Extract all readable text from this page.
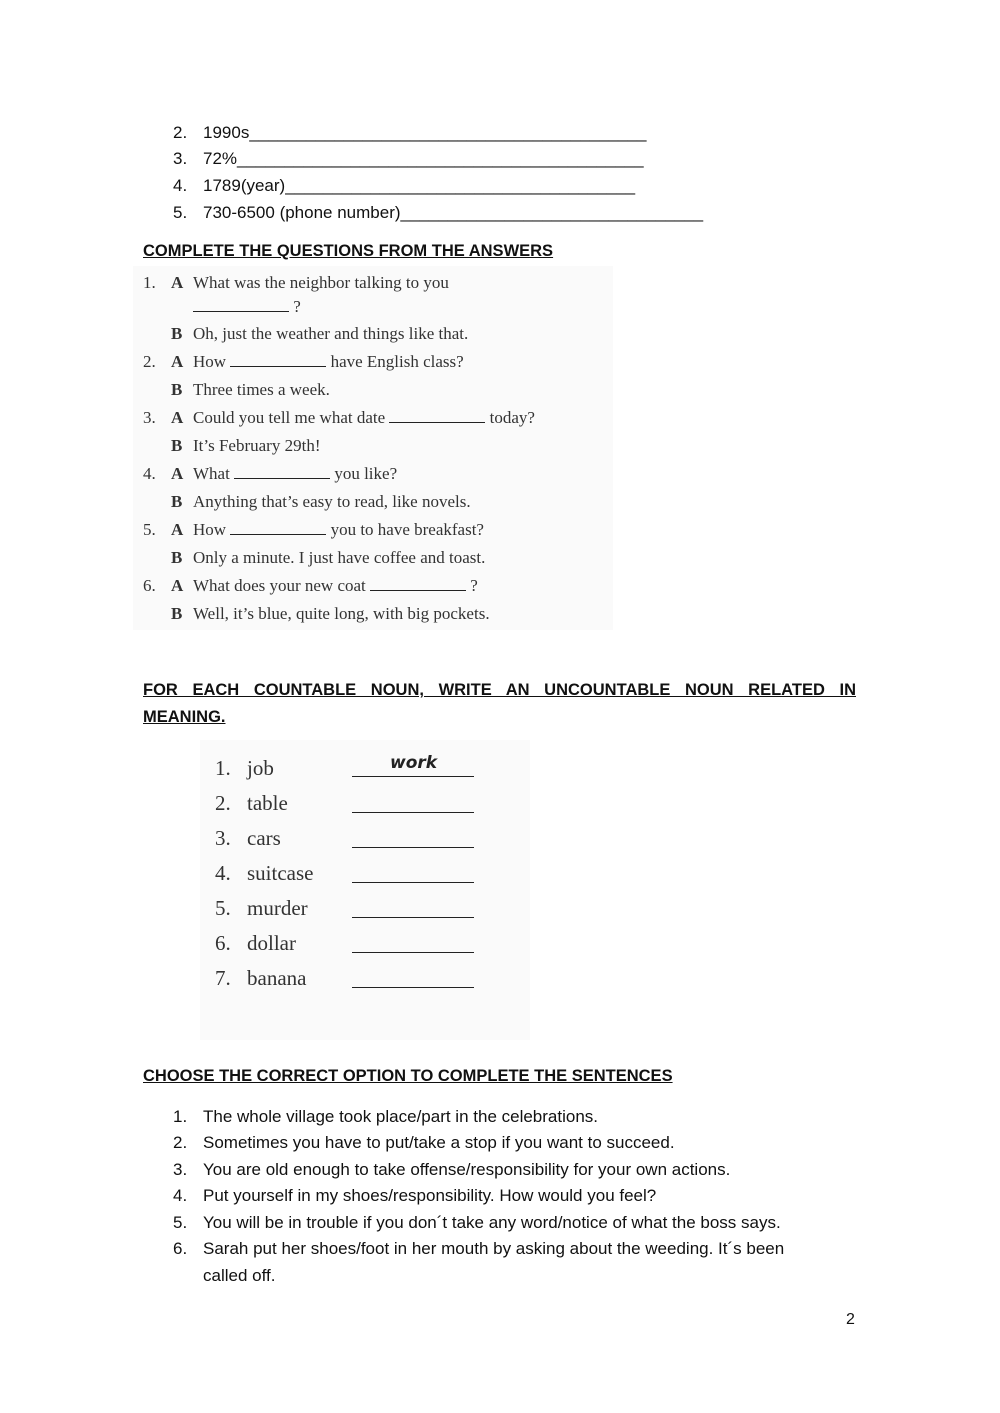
2. 1990s__________________________________________
3. 72%___________________________________________
4. 1789(year)_____________________________________
5. 730-6500 (phone number)________________________________
COMPLETE THE QUESTIONS FROM THE ANSWERS
1. A What was the neighbor talking to you
?
B Oh, just the weather and things like that.
2. A How	have English class?
B Three times a week.
3. A Could you tell me what date	today?
B It’s February 29th!
4. A What	you like?
B Anything that’s easy to read, like novels.
5. A How	you to have breakfast?
B Only a minute. I just have coffee and toast.
6. A What does your new coat	?
B Well, it’s blue, quite long, with big pockets.
FOR EACH COUNTABLE NOUN, WRITE AN UNCOUNTABLE NOUN RELATED IN
MEANING.
1. job	work
2. table
3. cars
4. suitcase
5. murder
6. dollar
7. banana
CHOOSE THE CORRECT OPTION TO COMPLETE THE SENTENCES
1. The whole village took place/part in the celebrations.
2. Sometimes you have to put/take a stop if you want to succeed.
3. You are old enough to take offense/responsibility for your own actions.
4. Put yourself in my shoes/responsibility. How would you feel?
5. You will be in trouble if you don´t take any word/notice of what the boss says.
6. Sarah put her shoes/foot in her mouth by asking about the weeding. It´s been
called off.
2
